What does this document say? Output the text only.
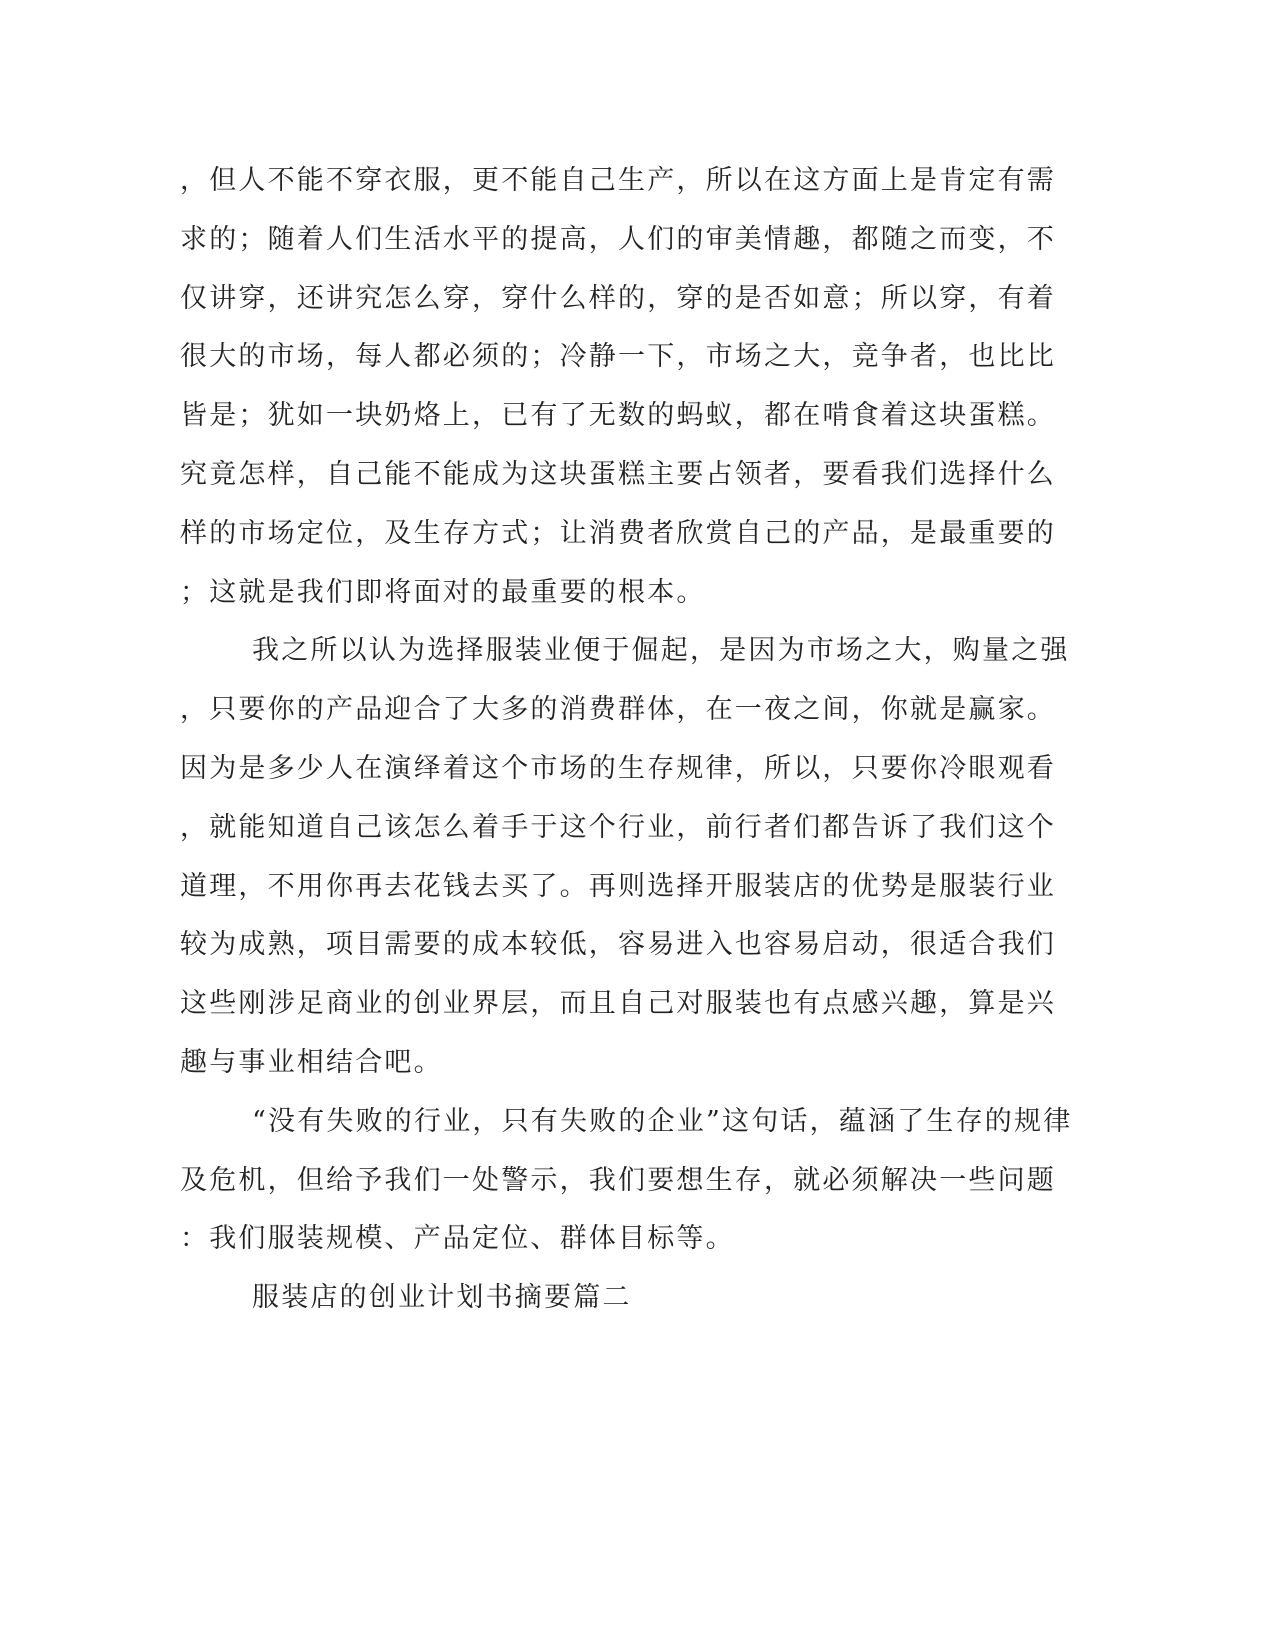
，但人不能不穿衣服，更不能自己生产，所以在这方面上是肯定有需
求的；随着人们生活水平的提高，人们的审美情趣，都随之而变，不
仅讲穿，还讲究怎么穿，穿什么样的，穿的是否如意；所以穿，有着
很大的市场，每人都必须的；冷静一下，市场之大，竞争者，也比比
皆是；犹如一块奶烙上，已有了无数的蚂蚁，都在啃食着这块蛋糕。
究竟怎样，自己能不能成为这块蛋糕主要占领者，要看我们选择什么
样的市场定位，及生存方式；让消费者欣赏自己的产品，是最重要的
；这就是我们即将面对的最重要的根本。
我之所以认为选择服装业便于倔起，是因为市场之大，购量之强
，只要你的产品迎合了大多的消费群体，在一夜之间，你就是赢家。
因为是多少人在演绎着这个市场的生存规律，所以，只要你冷眼观看
，就能知道自己该怎么着手于这个行业，前行者们都告诉了我们这个
道理，不用你再去花钱去买了。再则选择开服装店的优势是服装行业
较为成熟，项目需要的成本较低，容易进入也容易启动，很适合我们
这些刚涉足商业的创业界层，而且自己对服装也有点感兴趣，算是兴
趣与事业相结合吧。
“没有失败的行业，只有失败的企业”这句话，蕴涵了生存的规律
及危机，但给予我们一处警示，我们要想生存，就必须解决一些问题
：我们服装规模、产品定位、群体目标等。
服装店的创业计划书摘要篇二
